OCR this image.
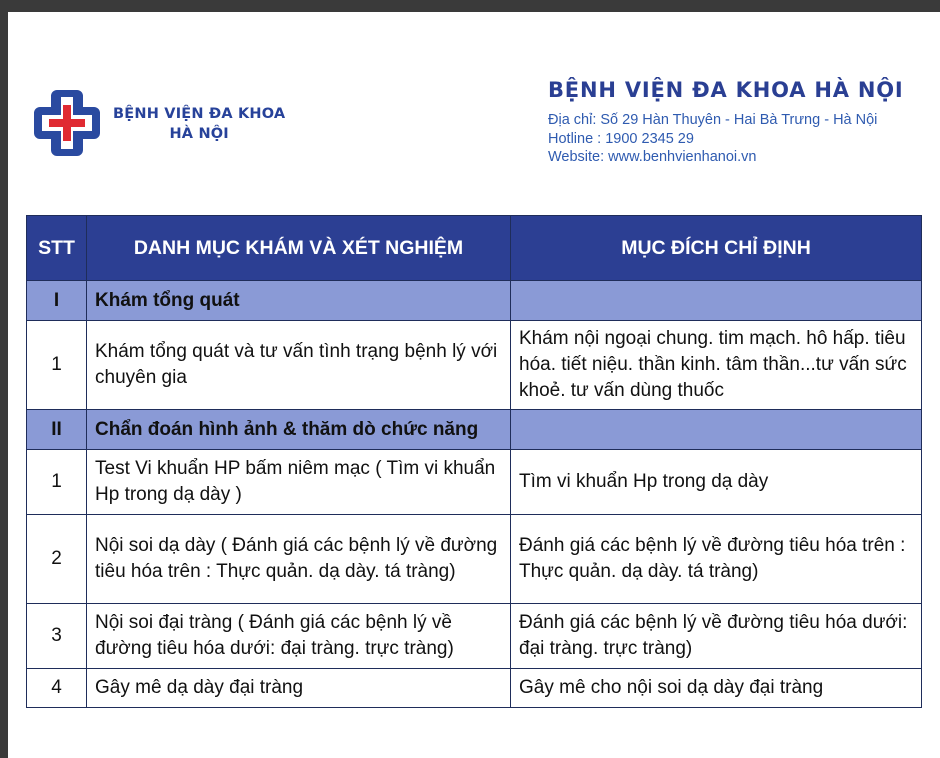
BỆNH VIỆN ĐA KHOA
HÀ NỘI
BỆNH VIỆN ĐA KHOA HÀ NỘI
Địa chỉ: Số 29 Hàn Thuyên - Hai Bà Trưng - Hà Nội
Hotline : 1900 2345 29
Website: www.benhvienhanoi.vn
STT	DANH MỤC KHÁM VÀ XÉT NGHIỆM	MỤC ĐÍCH CHỈ ĐỊNH
I	Khám tổng quát	
1	Khám tổng quát và tư vấn tình trạng bệnh lý với chuyên gia	Khám nội ngoại chung. tim mạch. hô hấp. tiêu hóa. tiết niệu. thần kinh. tâm thần...tư vấn sức khoẻ. tư vấn dùng thuốc
II	Chẩn đoán hình ảnh & thăm dò chức năng	
1	Test Vi khuẩn HP bấm niêm mạc ( Tìm vi khuẩn Hp trong dạ dày )	Tìm vi khuẩn Hp trong dạ dày
2	Nội soi dạ dày ( Đánh giá các bệnh lý về đường tiêu hóa trên : Thực quản. dạ dày. tá tràng)	Đánh giá các bệnh lý về đường tiêu hóa trên : Thực quản. dạ dày. tá tràng)
3	Nội soi đại tràng ( Đánh giá các bệnh lý về đường tiêu hóa dưới: đại tràng. trực tràng)	Đánh giá các bệnh lý về đường tiêu hóa dưới: đại tràng. trực tràng)
4	Gây mê dạ dày đại tràng	Gây mê cho nội soi dạ dày đại tràng
